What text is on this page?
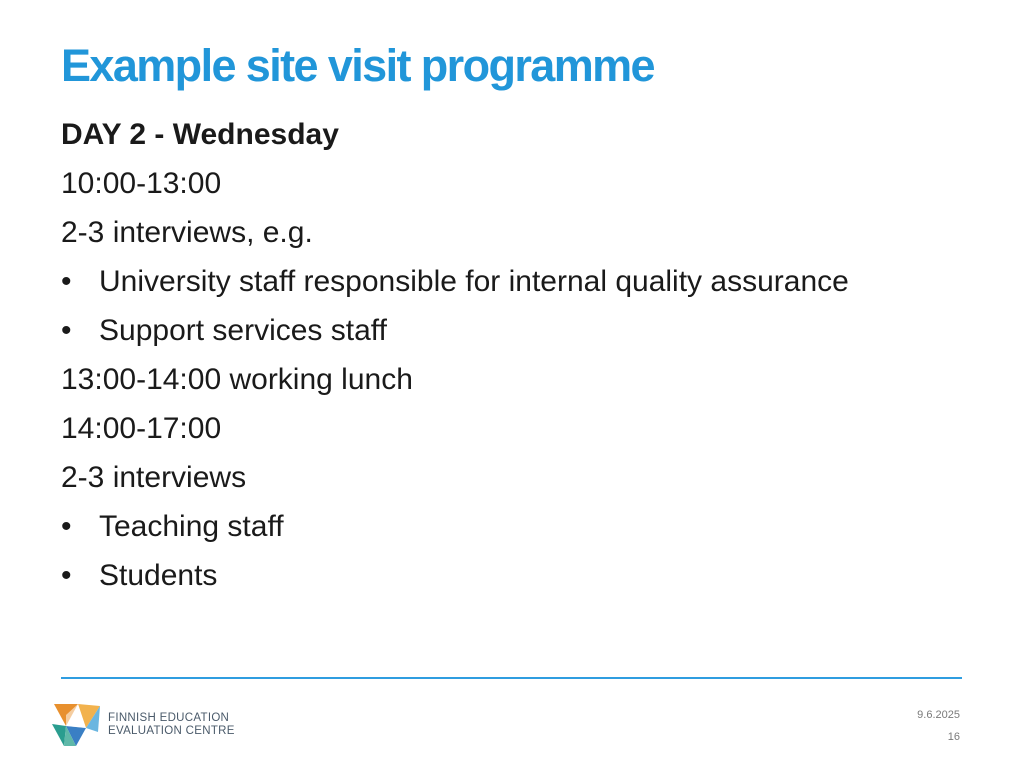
Example site visit programme
DAY 2 - Wednesday
10:00-13:00
2-3 interviews, e.g.
• University staff responsible for internal quality assurance
• Support services staff
13:00-14:00 working lunch
14:00-17:00
2-3 interviews
• Teaching staff
• Students
FINNISH EDUCATION
EVALUATION CENTRE
9.6.2025
16
